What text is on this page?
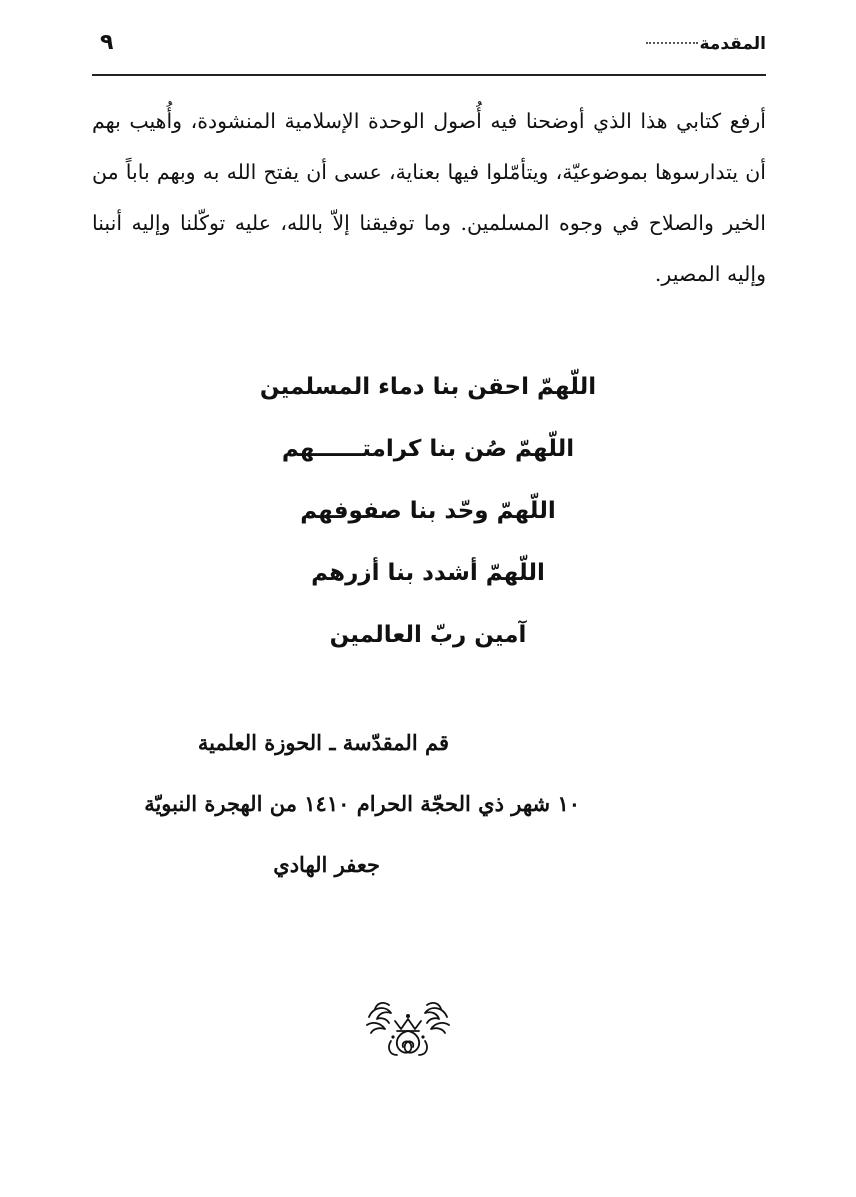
المقدمة
٩

أرفع كتابي هذا الذي أوضحنا فيه أُصول الوحدة الإسلامية المنشودة، وأُهيب بهم أن يتدارسوها بموضوعيّة، ويتأمّلوا فيها بعناية، عسى أن يفتح الله به وبهم باباً من الخير والصلاح في وجوه المسلمين. وما توفيقنا إلاّ بالله، عليه توكّلنا وإليه أنبنا وإليه المصير.

اللّهمّ احقن بنا دماء المسلمين
اللّهمّ صُن بنا كرامتــــــهم
اللّهمّ وحّد بنا صفوفهم
اللّهمّ أشدد بنا أزرهم
آمين ربّ العالمين
قم المقدّسة ـ الحوزة العلمية
١٠ شهر ذي الحجّة الحرام ١٤١٠ من الهجرة النبويّة
جعفر الهادي
